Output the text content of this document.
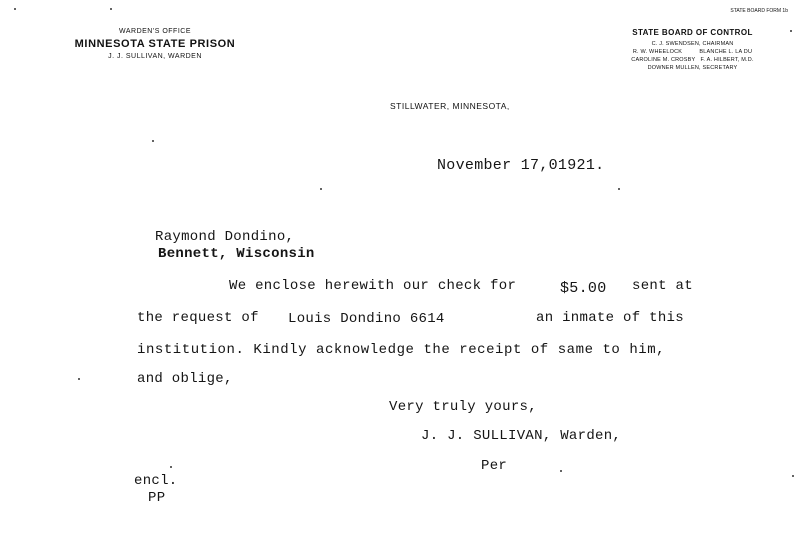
WARDEN'S OFFICE
MINNESOTA STATE PRISON
J. J. SULLIVAN, WARDEN
STATE BOARD FORM 1b
STATE BOARD OF CONTROL
C. J. SWENDSEN, CHAIRMAN
R. W. WHEELOCK          BLANCHE L. LA DU
CAROLINE M. CROSBY   F. A. HILBERT, M.D.
DOWNER MULLEN, SECRETARY
STILLWATER, MINNESOTA,
November 17,01921.
Raymond Dondino,
Bennett, Wisconsin
We enclose herewith our check for	$5.00 sent at
the request of Louis Dondino 6614	an inmate of this
institution. Kindly acknowledge the receipt of same to him,
and oblige,
Very truly yours,
J. J. SULLIVAN, Warden,
Per
encl.
PP
